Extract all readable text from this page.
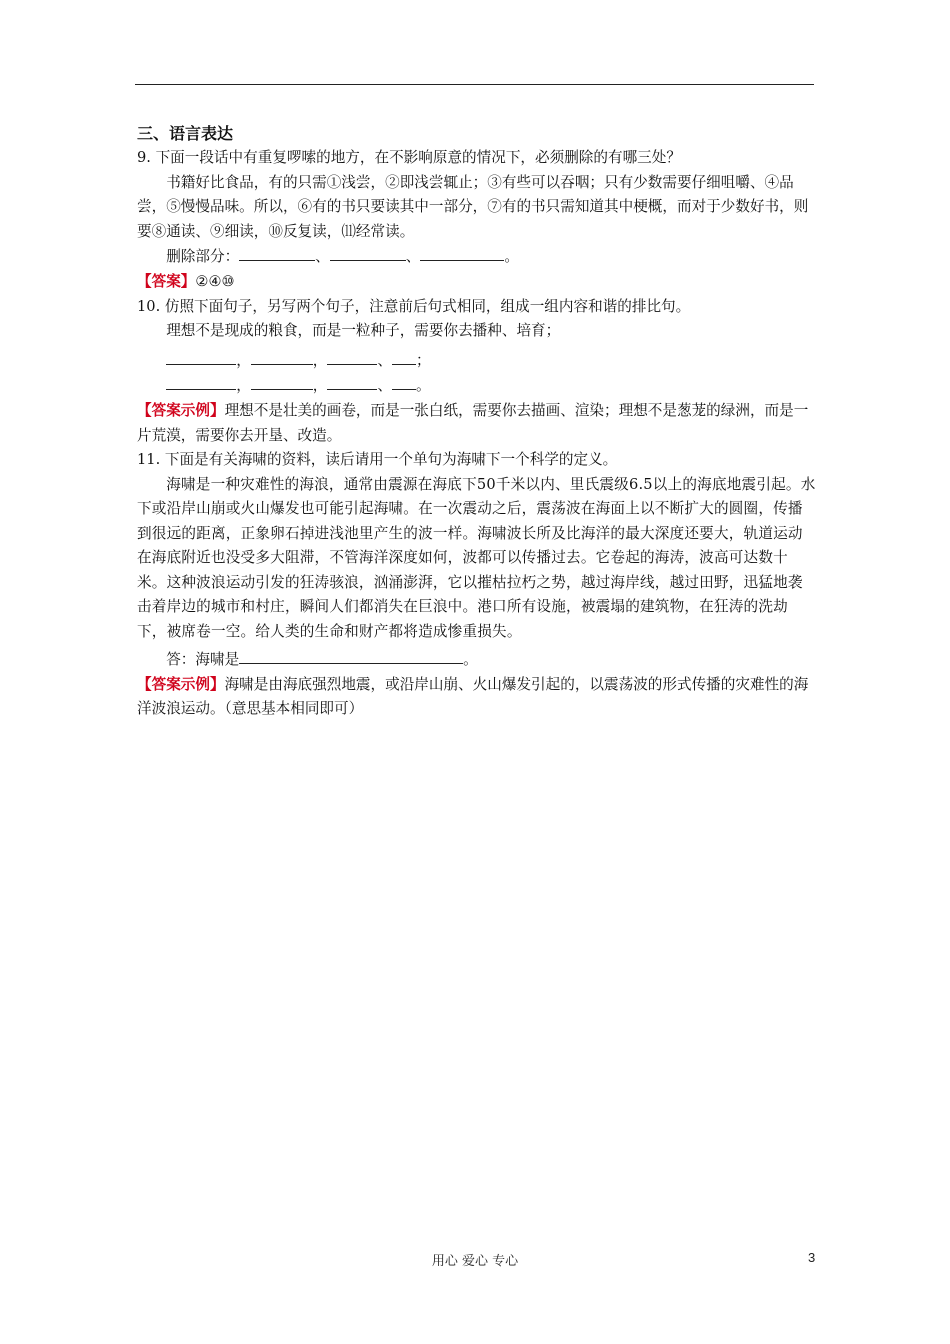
三、语言表达

9. 下面一段话中有重复啰嗦的地方，在不影响原意的情况下，必须删除的有哪三处？

书籍好比食品，有的只需①浅尝，②即浅尝辄止；③有些可以吞咽；只有少数需要仔细咀嚼、④品尝，⑤慢慢品味。所以，⑥有的书只要读其中一部分，⑦有的书只需知道其中梗概，而对于少数好书，则要⑧通读、⑨细读，⑩反复读，⑾经常读。

删除部分：	、	、	。

【答案】②④⑩

10. 仿照下面句子，另写两个句子，注意前后句式相同，组成一组内容和谐的排比句。

理想不是现成的粮食，而是一粒种子，需要你去播种、培育；

，	，	、 ；

，	，	、 。

【答案示例】理想不是壮美的画卷，而是一张白纸，需要你去描画、渲染；理想不是葱茏的绿洲，而是一片荒漠，需要你去开垦、改造。

11. 下面是有关海啸的资料，读后请用一个单句为海啸下一个科学的定义。

海啸是一种灾难性的海浪，通常由震源在海底下50千米以内、里氏震级6.5以上的海底地震引起。水下或沿岸山崩或火山爆发也可能引起海啸。在一次震动之后，震荡波在海面上以不断扩大的圆圈，传播到很远的距离，正象卵石掉进浅池里产生的波一样。海啸波长所及比海洋的最大深度还要大，轨道运动在海底附近也没受多大阻滞，不管海洋深度如何，波都可以传播过去。它卷起的海涛，波高可达数十米。这种波浪运动引发的狂涛骇浪，汹涌澎湃，它以摧枯拉朽之势，越过海岸线，越过田野，迅猛地袭击着岸边的城市和村庄，瞬间人们都消失在巨浪中。港口所有设施，被震塌的建筑物，在狂涛的洗劫下，被席卷一空。给人类的生命和财产都将造成惨重损失。

答：海啸是	。

【答案示例】海啸是由海底强烈地震，或沿岸山崩、火山爆发引起的，以震荡波的形式传播的灾难性的海洋波浪运动。（意思基本相同即可）

用心 爱心 专心	3
